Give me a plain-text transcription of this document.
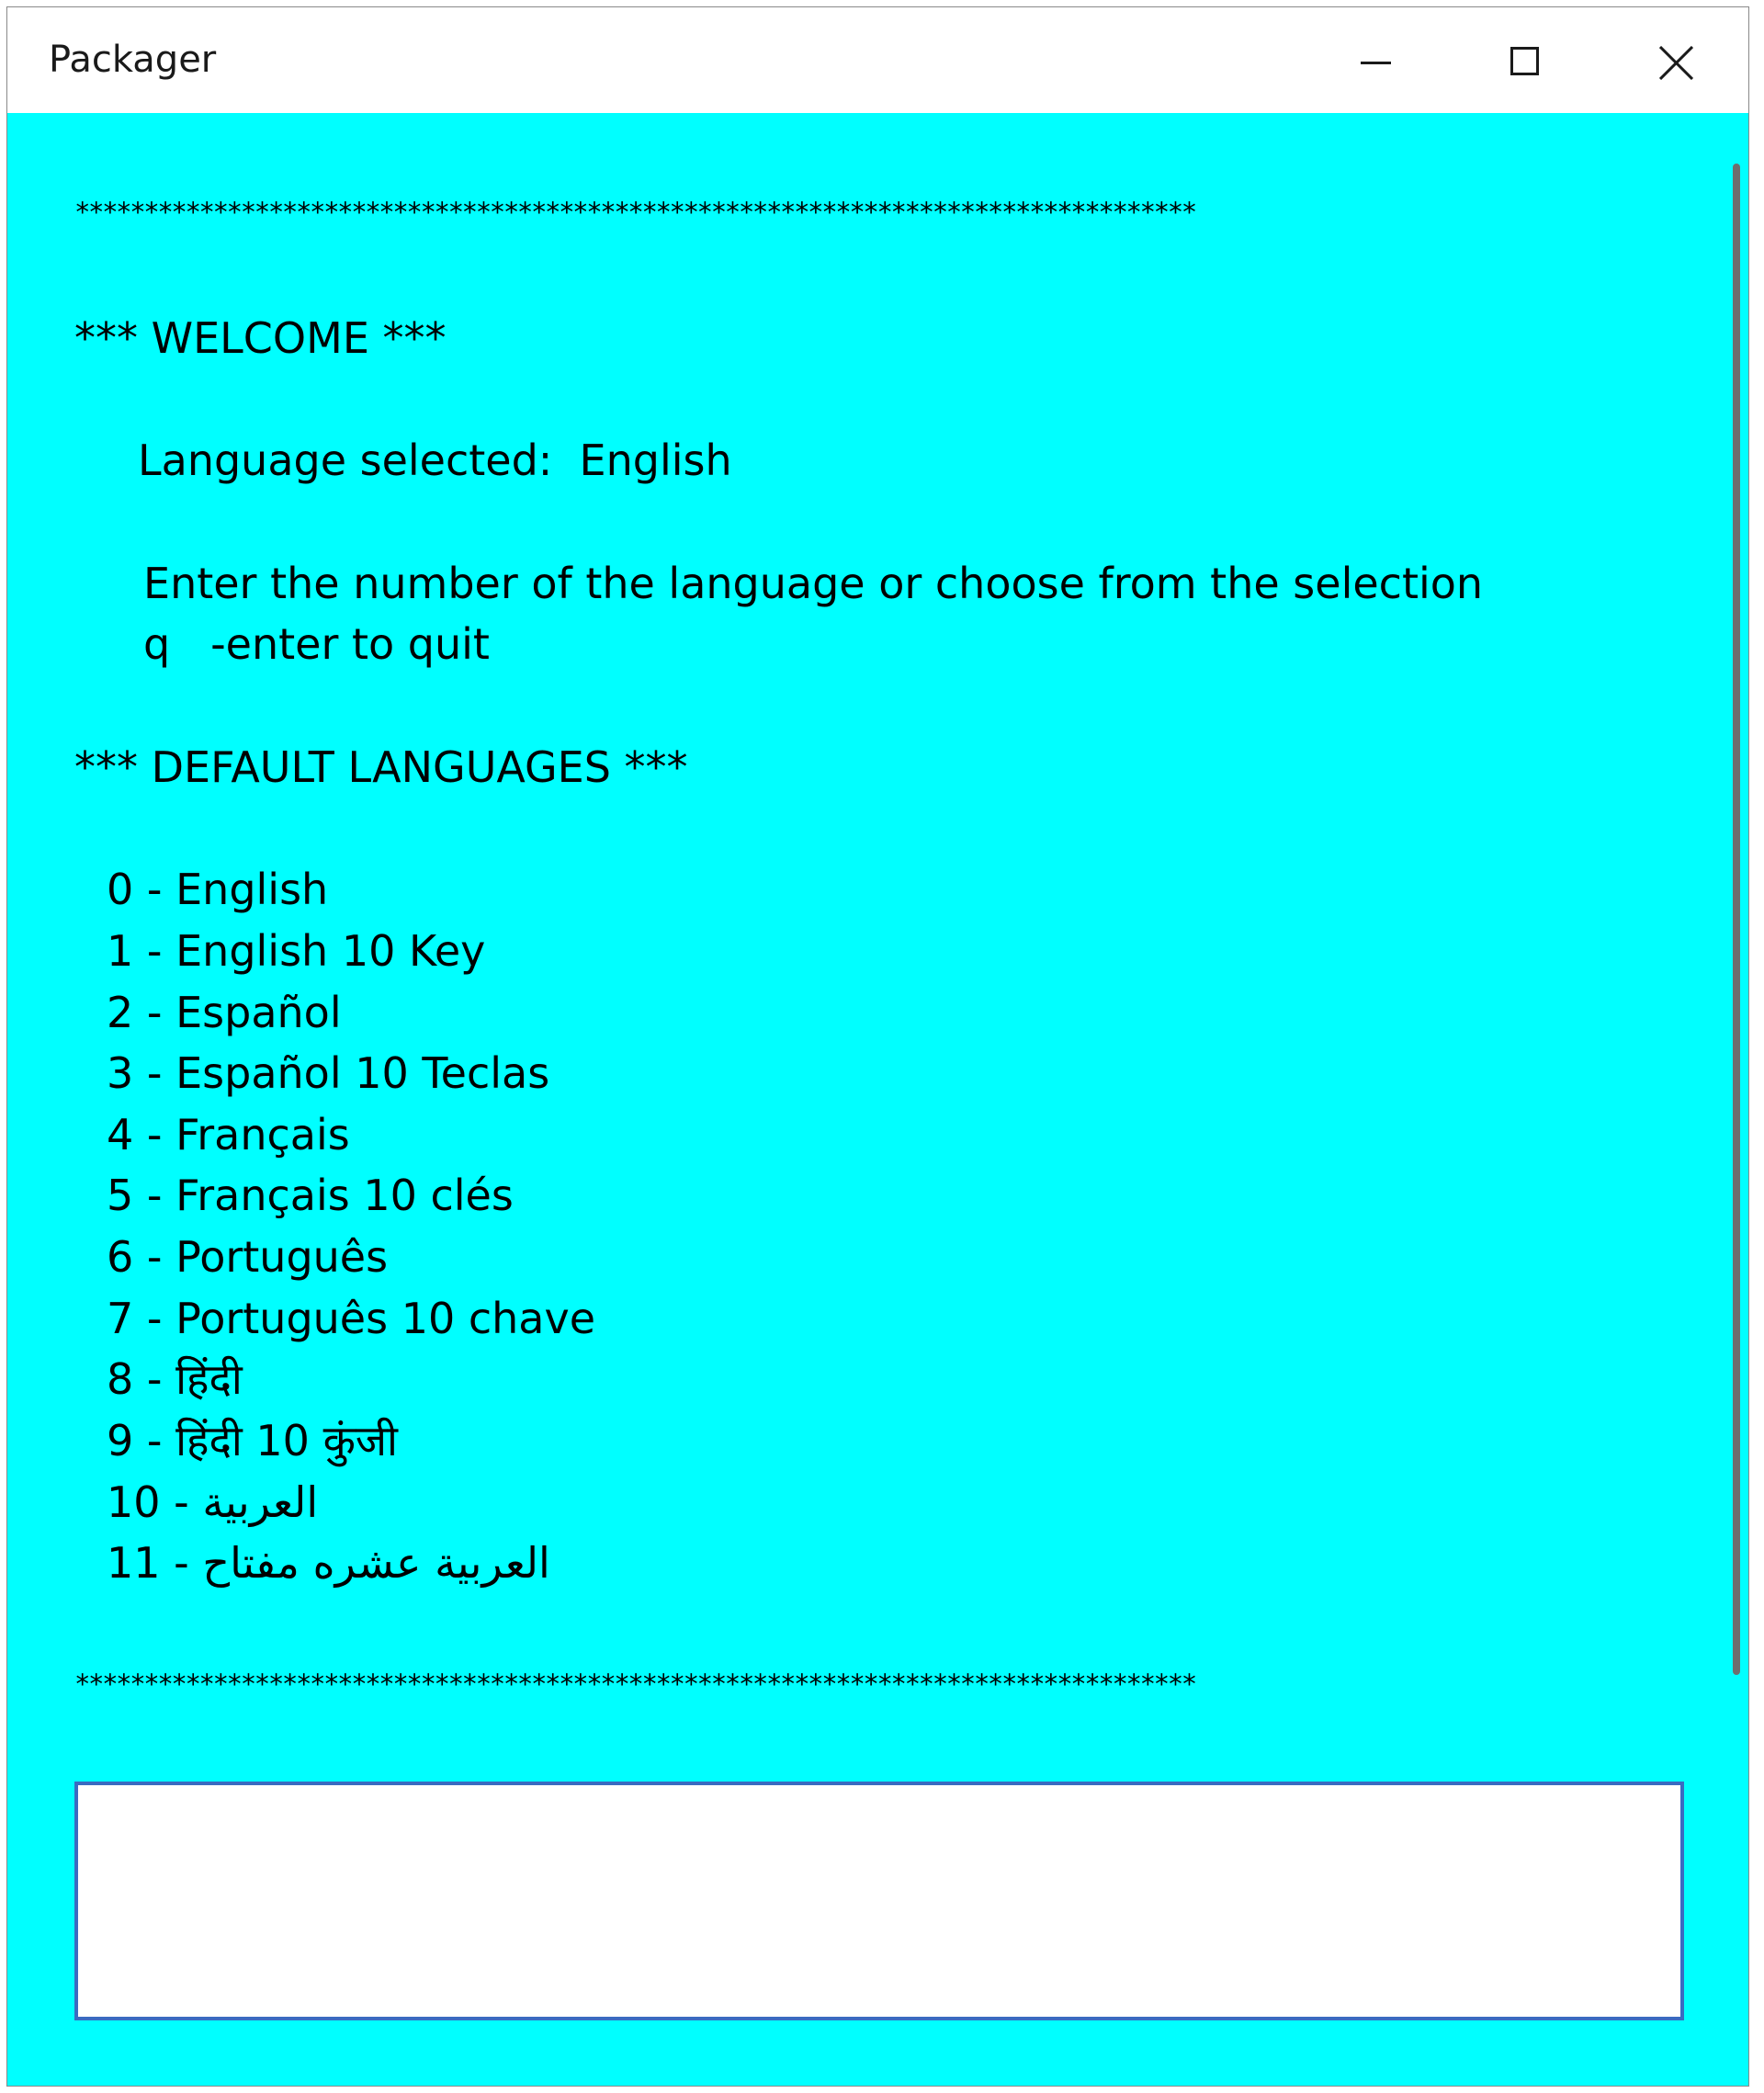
Packager
*********************************************************************************
*** WELCOME ***
Language selected:  English
Enter the number of the language or choose from the selection
q   -enter to quit
*** DEFAULT LANGUAGES ***
0 - English
1 - English 10 Key
2 - Español
3 - Español 10 Teclas
4 - Français
5 - Français 10 clés
6 - Português
7 - Português 10 chave
8 - हिंदी
9 - हिंदी 10 कुंजी
10 - العربية
11 - العربية عشره مفتاح
*********************************************************************************
